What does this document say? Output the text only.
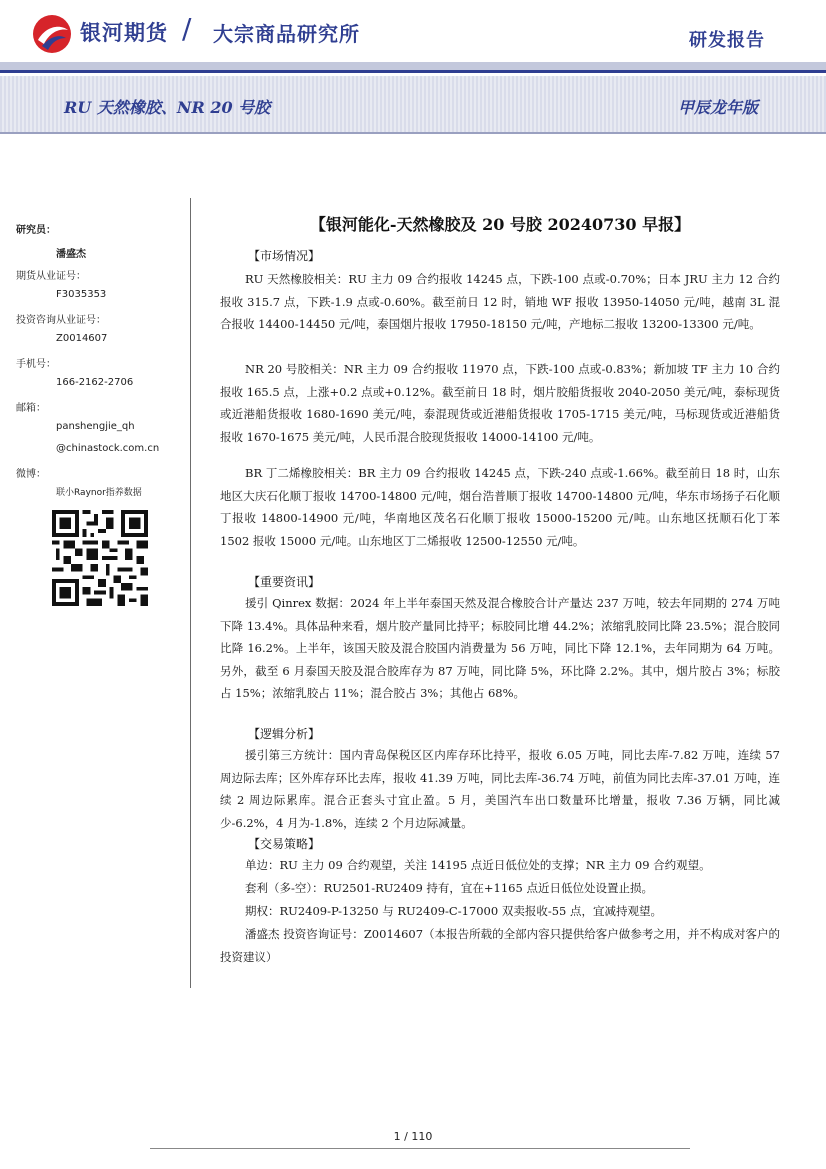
银河期货 / 大宗商品研究所	研发报告
RU 天然橡胶、NR 20 号胶	甲辰龙年版
研究员：
潘盛杰
期货从业证号：
F3035353
投资咨询从业证号：
Z0014607
手机号：
166-2162-2706
邮箱：
panshengjie_qh
@chinastock.com.cn
微博：
联小Raynor指养数据
【银河能化-天然橡胶及 20 号胶 20240730 早报】
【市场情况】
RU 天然橡胶相关：RU 主力 09 合约报收 14245 点，下跌-100 点或-0.70%；日本 JRU 主力 12 合约报收 315.7 点，下跌-1.9 点或-0.60%。截至前日 12 时，销地 WF 报收 13950-14050 元/吨，越南 3L 混合报收 14400-14450 元/吨，泰国烟片报收 17950-18150 元/吨，产地标二报收 13200-13300 元/吨。
NR 20 号胶相关：NR 主力 09 合约报收 11970 点，下跌-100 点或-0.83%；新加坡 TF 主力 10 合约报收 165.5 点，上涨+0.2 点或+0.12%。截至前日 18 时，烟片胶船货报收 2040-2050 美元/吨，泰标现货或近港船货报收 1680-1690 美元/吨，泰混现货或近港船货报收 1705-1715 美元/吨，马标现货或近港船货报收 1670-1675 美元/吨，人民币混合胶现货报收 14000-14100 元/吨。
BR 丁二烯橡胶相关：BR 主力 09 合约报收 14245 点，下跌-240 点或-1.66%。截至前日 18 时，山东地区大庆石化顺丁报收 14700-14800 元/吨，烟台浩普顺丁报收 14700-14800 元/吨，华东市场扬子石化顺丁报收 14800-14900 元/吨，华南地区茂名石化顺丁报收 15000-15200 元/吨。山东地区抚顺石化丁苯 1502 报收 15000 元/吨。山东地区丁二烯报收 12500-12550 元/吨。
【重要资讯】
援引 Qinrex 数据：2024 年上半年泰国天然及混合橡胶合计产量达 237 万吨，较去年同期的 274 万吨下降 13.4%。具体品种来看，烟片胶产量同比持平；标胶同比增 44.2%；浓缩乳胶同比降 23.5%；混合胶同比降 16.2%。上半年，该国天胶及混合胶国内消费量为 56 万吨，同比下降 12.1%，去年同期为 64 万吨。另外，截至 6 月泰国天胶及混合胶库存为 87 万吨，同比降 5%，环比降 2.2%。其中，烟片胶占 3%；标胶占 15%；浓缩乳胶占 11%；混合胶占 3%；其他占 68%。
【逻辑分析】
援引第三方统计：国内青岛保税区区内库存环比持平，报收 6.05 万吨，同比去库-7.82 万吨，连续 57 周边际去库；区外库存环比去库，报收 41.39 万吨，同比去库-36.74 万吨，前值为同比去库-37.01 万吨，连续 2 周边际累库。混合正套头寸宜止盈。5 月，美国汽车出口数量环比增量，报收 7.36 万辆，同比减少-6.2%，4 月为-1.8%，连续 2 个月边际减量。
【交易策略】
单边：RU 主力 09 合约观望，关注 14195 点近日低位处的支撑；NR 主力 09 合约观望。
套利（多-空）：RU2501-RU2409 持有，宜在+1165 点近日低位处设置止损。
期权：RU2409-P-13250 与 RU2409-C-17000 双卖报收-55 点，宜减持观望。
潘盛杰 投资咨询证号：Z0014607（本报告所载的全部内容只提供给客户做参考之用，并不构成对客户的投资建议）
1 / 110
